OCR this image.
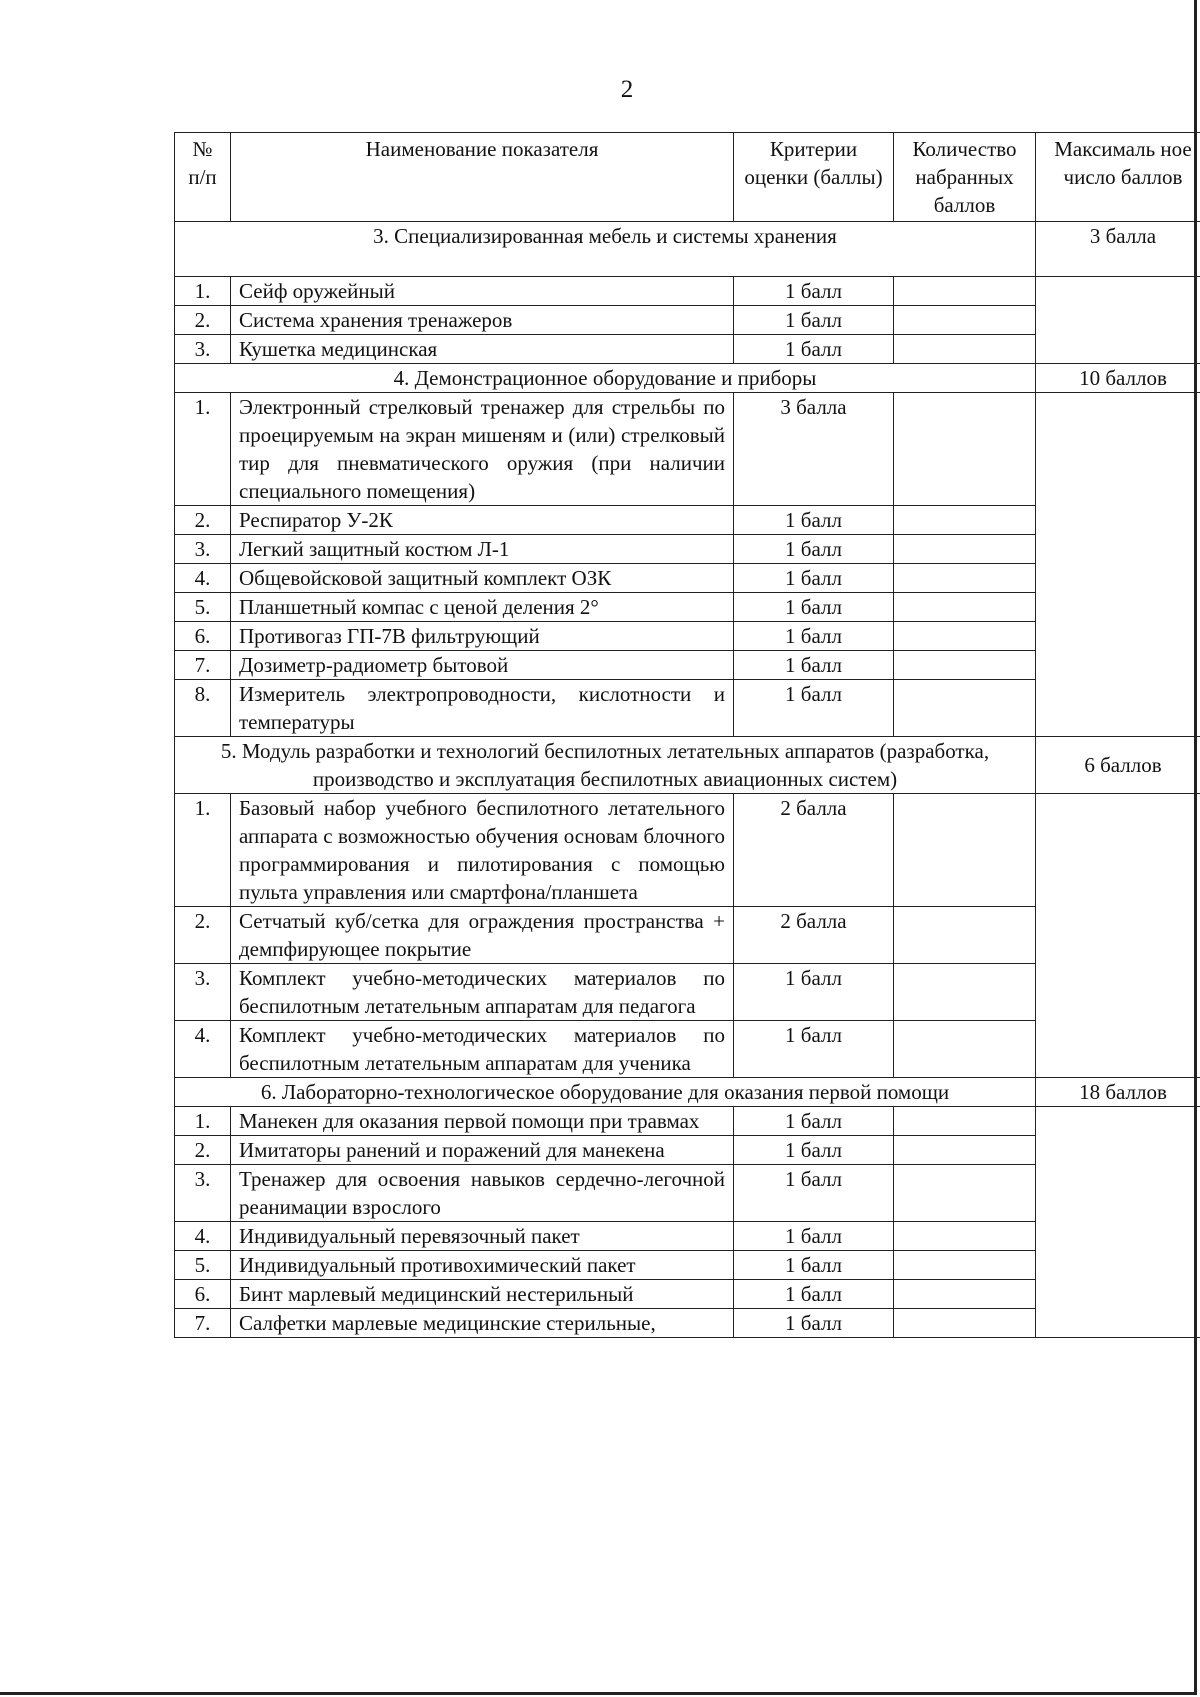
2
№ п/п	Наименование показателя	Критерии оценки (баллы)	Количество набранных баллов	Максималь ное число баллов
3. Специализированная мебель и системы хранения				3 балла
1.	Сейф оружейный	1 балл		
2.	Система хранения тренажеров	1 балл		
3.	Кушетка медицинская	1 балл		
4. Демонстрационное оборудование и приборы				10 баллов
1.	Электронный стрелковый тренажер для стрельбы по проецируемым на экран мишеням и (или) стрелковый тир для пневматического оружия (при наличии специального помещения)	3 балла		
2.	Респиратор У-2К	1 балл		
3.	Легкий защитный костюм Л-1	1 балл		
4.	Общевойсковой защитный комплект ОЗК	1 балл		
5.	Планшетный компас с ценой деления 2°	1 балл		
6.	Противогаз ГП-7В фильтрующий	1 балл		
7.	Дозиметр-радиометр бытовой	1 балл		
8.	Измеритель электропроводности, кислотности и температуры	1 балл		
5. Модуль разработки и технологий беспилотных летательных аппаратов (разработка, производство и эксплуатация беспилотных авиационных систем)				6 баллов
1.	Базовый набор учебного беспилотного летательного аппарата с возможностью обучения основам блочного программирования и пилотирования с помощью пульта управления или смартфона/планшета	2 балла		
2.	Сетчатый куб/сетка для ограждения пространства + демпфирующее покрытие	2 балла		
3.	Комплект учебно-методических материалов по беспилотным летательным аппаратам для педагога	1 балл		
4.	Комплект учебно-методических материалов по беспилотным летательным аппаратам для ученика	1 балл		
6. Лабораторно-технологическое оборудование для оказания первой помощи				18 баллов
1.	Манекен для оказания первой помощи при травмах	1 балл		
2.	Имитаторы ранений и поражений для манекена	1 балл		
3.	Тренажер для освоения навыков сердечно-легочной реанимации взрослого	1 балл		
4.	Индивидуальный перевязочный пакет	1 балл		
5.	Индивидуальный противохимический пакет	1 балл		
6.	Бинт марлевый медицинский нестерильный	1 балл		
7.	Салфетки марлевые медицинские стерильные,	1 балл		
